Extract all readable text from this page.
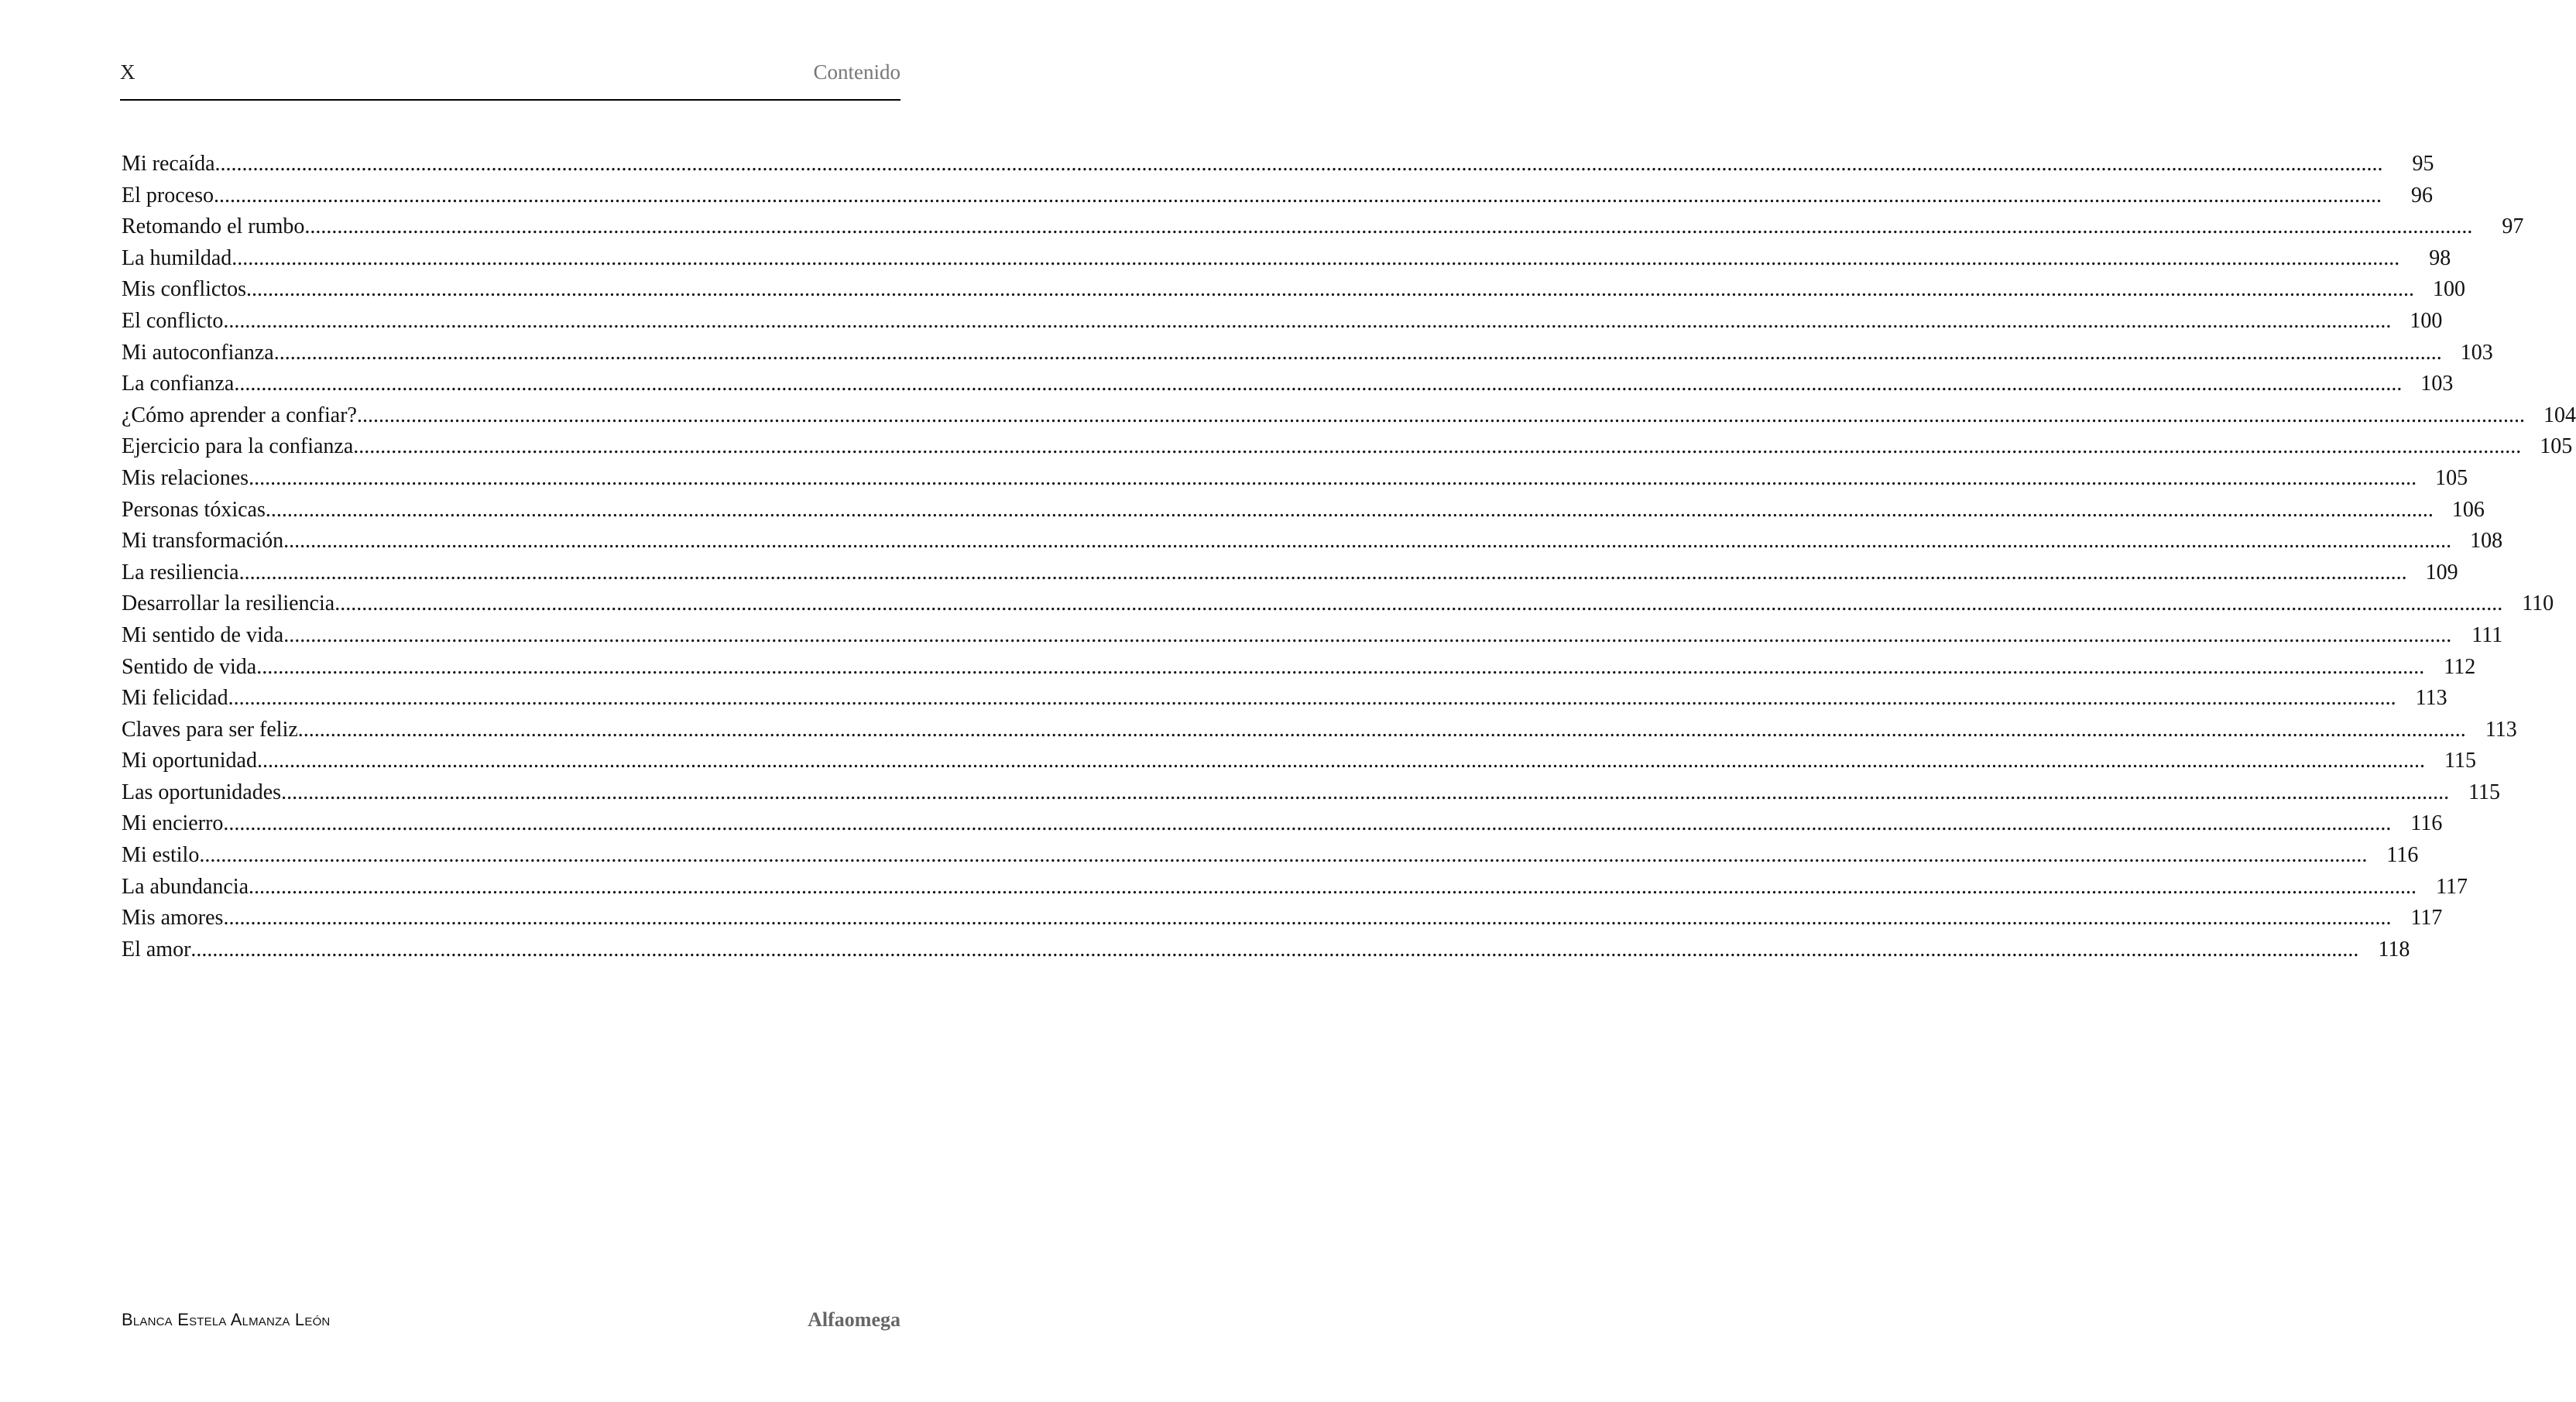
X	Contenido
Mi recaída ................................................................................................................................................................................................................................................................................................................................................................................................................	95
El proceso ................................................................................................................................................................................................................................................................................................................................................................................................................	96
Retomando el rumbo ................................................................................................................................................................................................................................................................................................................................................................................................................	97
La humildad ................................................................................................................................................................................................................................................................................................................................................................................................................	98
Mis conflictos ................................................................................................................................................................................................................................................................................................................................................................................................................ 100
El conflicto ................................................................................................................................................................................................................................................................................................................................................................................................................ 100
Mi autoconfianza ................................................................................................................................................................................................................................................................................................................................................................................................................ 103
La confianza ................................................................................................................................................................................................................................................................................................................................................................................................................ 103
¿Cómo aprender a confiar? ................................................................................................................................................................................................................................................................................................................................................................................................................ 104
Ejercicio para la confianza ................................................................................................................................................................................................................................................................................................................................................................................................................ 105
Mis relaciones ................................................................................................................................................................................................................................................................................................................................................................................................................ 105
Personas tóxicas ................................................................................................................................................................................................................................................................................................................................................................................................................ 106
Mi transformación ................................................................................................................................................................................................................................................................................................................................................................................................................ 108
La resiliencia ................................................................................................................................................................................................................................................................................................................................................................................................................ 109
Desarrollar la resiliencia ................................................................................................................................................................................................................................................................................................................................................................................................................ 110
Mi sentido de vida ................................................................................................................................................................................................................................................................................................................................................................................................................ 111
Sentido de vida ................................................................................................................................................................................................................................................................................................................................................................................................................ 112
Mi felicidad ................................................................................................................................................................................................................................................................................................................................................................................................................ 113
Claves para ser feliz ................................................................................................................................................................................................................................................................................................................................................................................................................ 113
Mi oportunidad ................................................................................................................................................................................................................................................................................................................................................................................................................ 115
Las oportunidades ................................................................................................................................................................................................................................................................................................................................................................................................................ 115
Mi encierro ................................................................................................................................................................................................................................................................................................................................................................................................................ 116
Mi estilo ................................................................................................................................................................................................................................................................................................................................................................................................................ 116
La abundancia ................................................................................................................................................................................................................................................................................................................................................................................................................ 117
Mis amores ................................................................................................................................................................................................................................................................................................................................................................................................................ 117
El amor ................................................................................................................................................................................................................................................................................................................................................................................................................ 118
Blanca Estela Almanza León	Alfaomega
